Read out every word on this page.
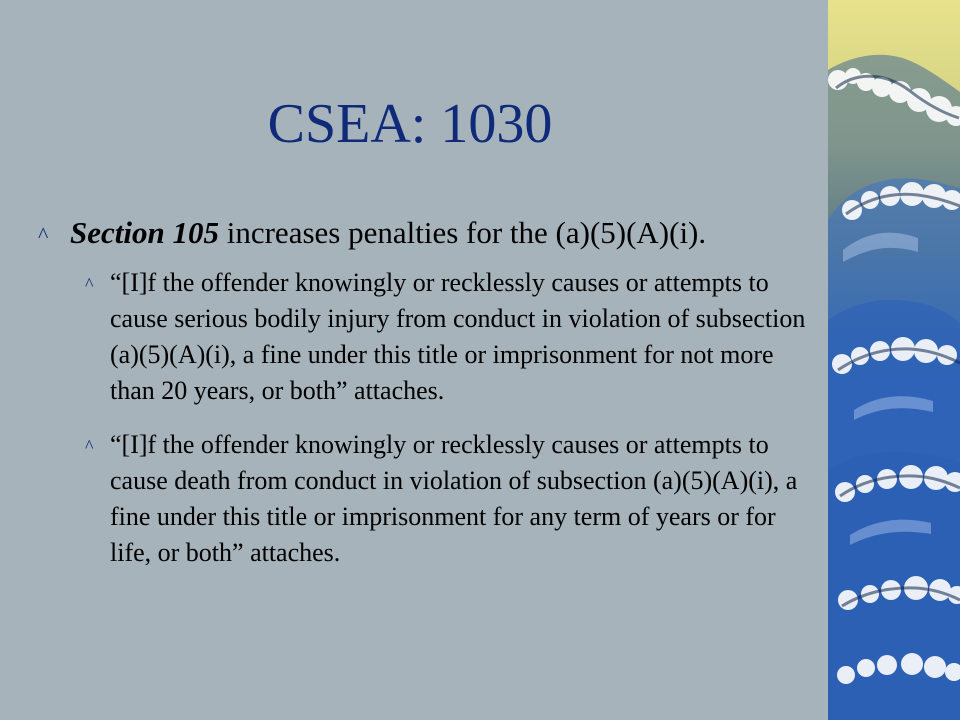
CSEA: 1030
^ Section 105 increases penalties for the (a)(5)(A)(i).
^ “[I]f the offender knowingly or recklessly causes or attempts to cause serious bodily injury from conduct in violation of subsection (a)(5)(A)(i), a fine under this title or imprisonment for not more than 20 years, or both” attaches.
^ “[I]f the offender knowingly or recklessly causes or attempts to cause death from conduct in violation of subsection (a)(5)(A)(i), a fine under this title or imprisonment for any term of years or for life, or both” attaches.
